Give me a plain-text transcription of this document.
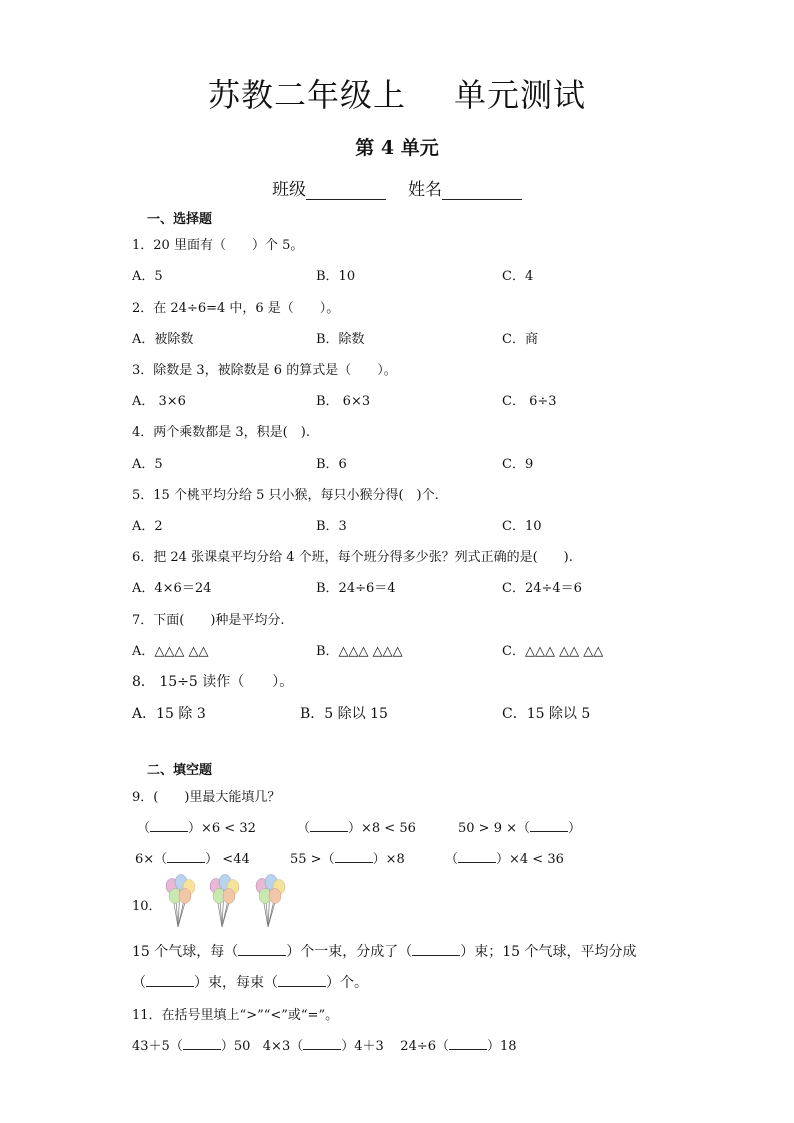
苏教二年级上 单元测试
第 4 单元
班级	姓名
一、选择题
1．20 里面有（　　）个 5。
A．5	B．10	C．4
2．在 24÷6=4 中，6 是（　　）。
A．被除数	B．除数	C．商
3．除数是 3，被除数是 6 的算式是（　　）。
A． 3×6	B． 6×3	C． 6÷3
4．两个乘数都是 3，积是(　).
A．5	B．6	C．9
5．15 个桃平均分给 5 只小猴，每只小猴分得(　)个.
A．2	B．3	C．10
6．把 24 张课桌平均分给 4 个班，每个班分得多少张？列式正确的是(　　).
A．4×6＝24	B．24÷6＝4	C．24÷4＝6
7．下面(　　)种是平均分.
A．△△△ △△	B．△△△ △△△	C．△△△ △△ △△
8． 15÷5 读作（　　）。
A．15 除 3	B．5 除以 15	C．15 除以 5
二、填空题
9．(　　)里最大能填几？
（	）×6 < 32	（	）×8 < 56	50 > 9 ×（	）
6×（	） <44	55 >（	）×8	（	）×4 < 36
10．
15 个气球，每（	）个一束，分成了（	）束；15 个气球，平均分成
（	）束，每束（	）个。
11．在括号里填上“>”“<”或“=”。
43＋5（	）50 4×3（	）4＋3 24÷6（	）18
